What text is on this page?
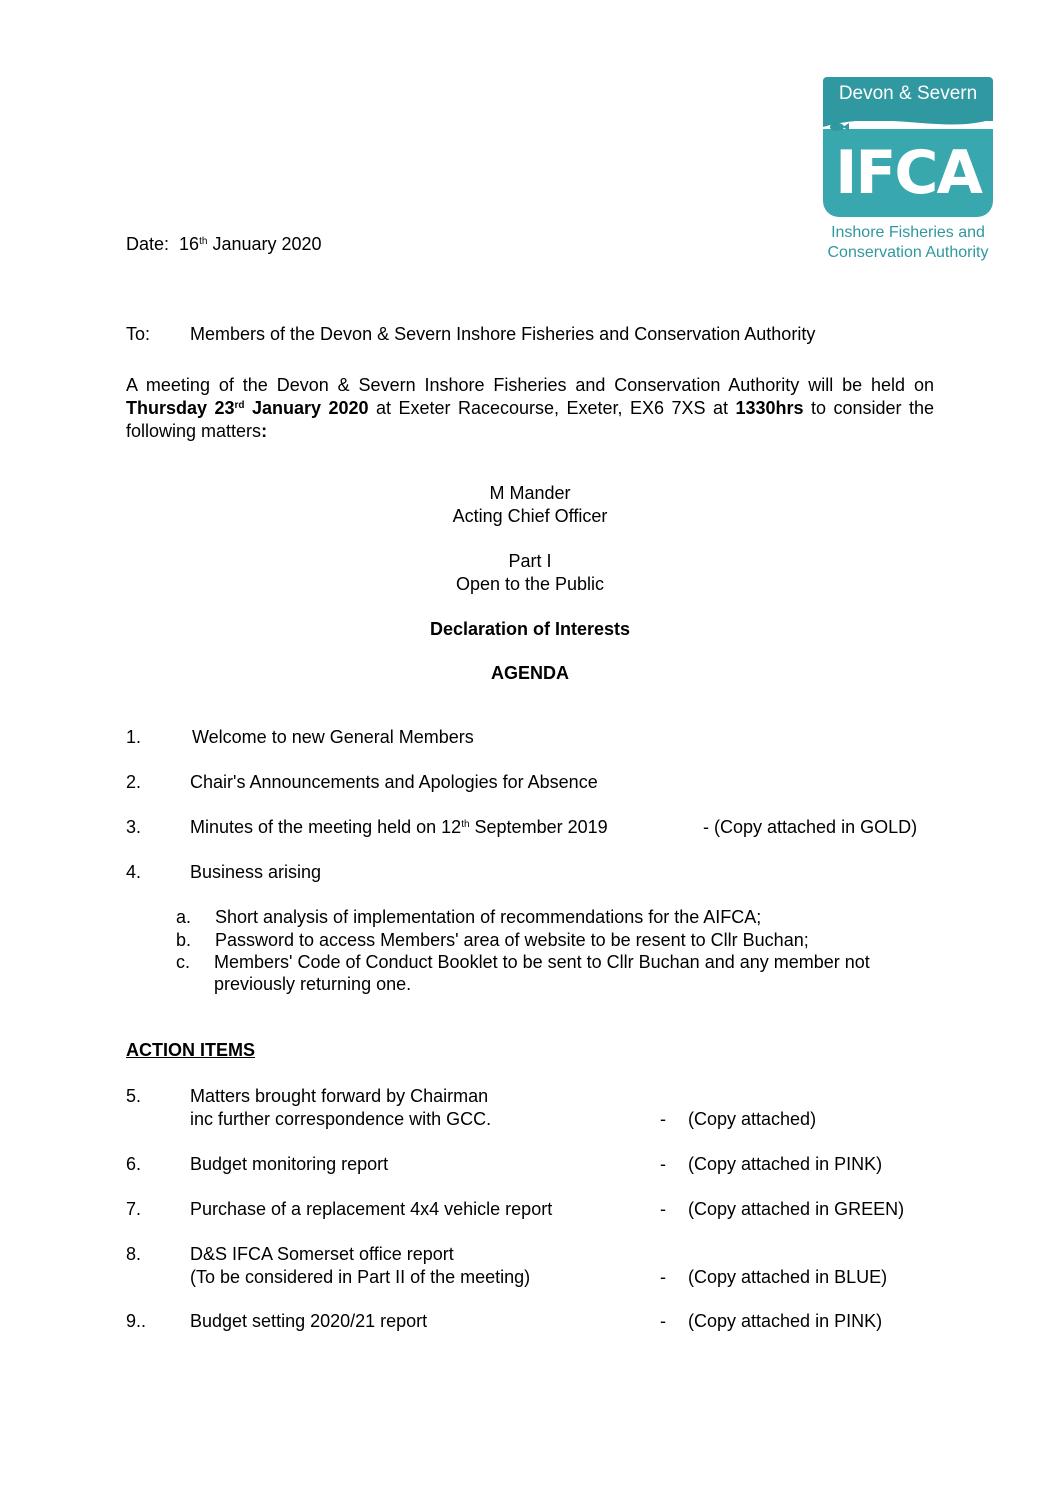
Devon & Severn
IFCA
Inshore Fisheries and
Conservation Authority
Date: 16th January 2020
To: Members of the Devon & Severn Inshore Fisheries and Conservation Authority
A meeting of the Devon & Severn Inshore Fisheries and Conservation Authority will be held on Thursday 23rd January 2020 at Exeter Racecourse, Exeter, EX6 7XS at 1330hrs to consider the following matters:
M Mander
Acting Chief Officer
Part I
Open to the Public
Declaration of Interests
AGENDA
1.	Welcome to new General Members
2.	Chair's Announcements and Apologies for Absence
3.	Minutes of the meeting held on 12th September 2019	- (Copy attached in GOLD)
4.	Business arising
a. Short analysis of implementation of recommendations for the AIFCA;
b. Password to access Members' area of website to be resent to Cllr Buchan;
c. Members' Code of Conduct Booklet to be sent to Cllr Buchan and any member not
previously returning one.
ACTION ITEMS
5.	Matters brought forward by Chairman
inc further correspondence with GCC.	- (Copy attached)
6.	Budget monitoring report	- (Copy attached in PINK)
7.	Purchase of a replacement 4x4 vehicle report	- (Copy attached in GREEN)
8.	D&S IFCA Somerset office report
(To be considered in Part II of the meeting)	- (Copy attached in BLUE)
9.. Budget setting 2020/21 report	- (Copy attached in PINK)
